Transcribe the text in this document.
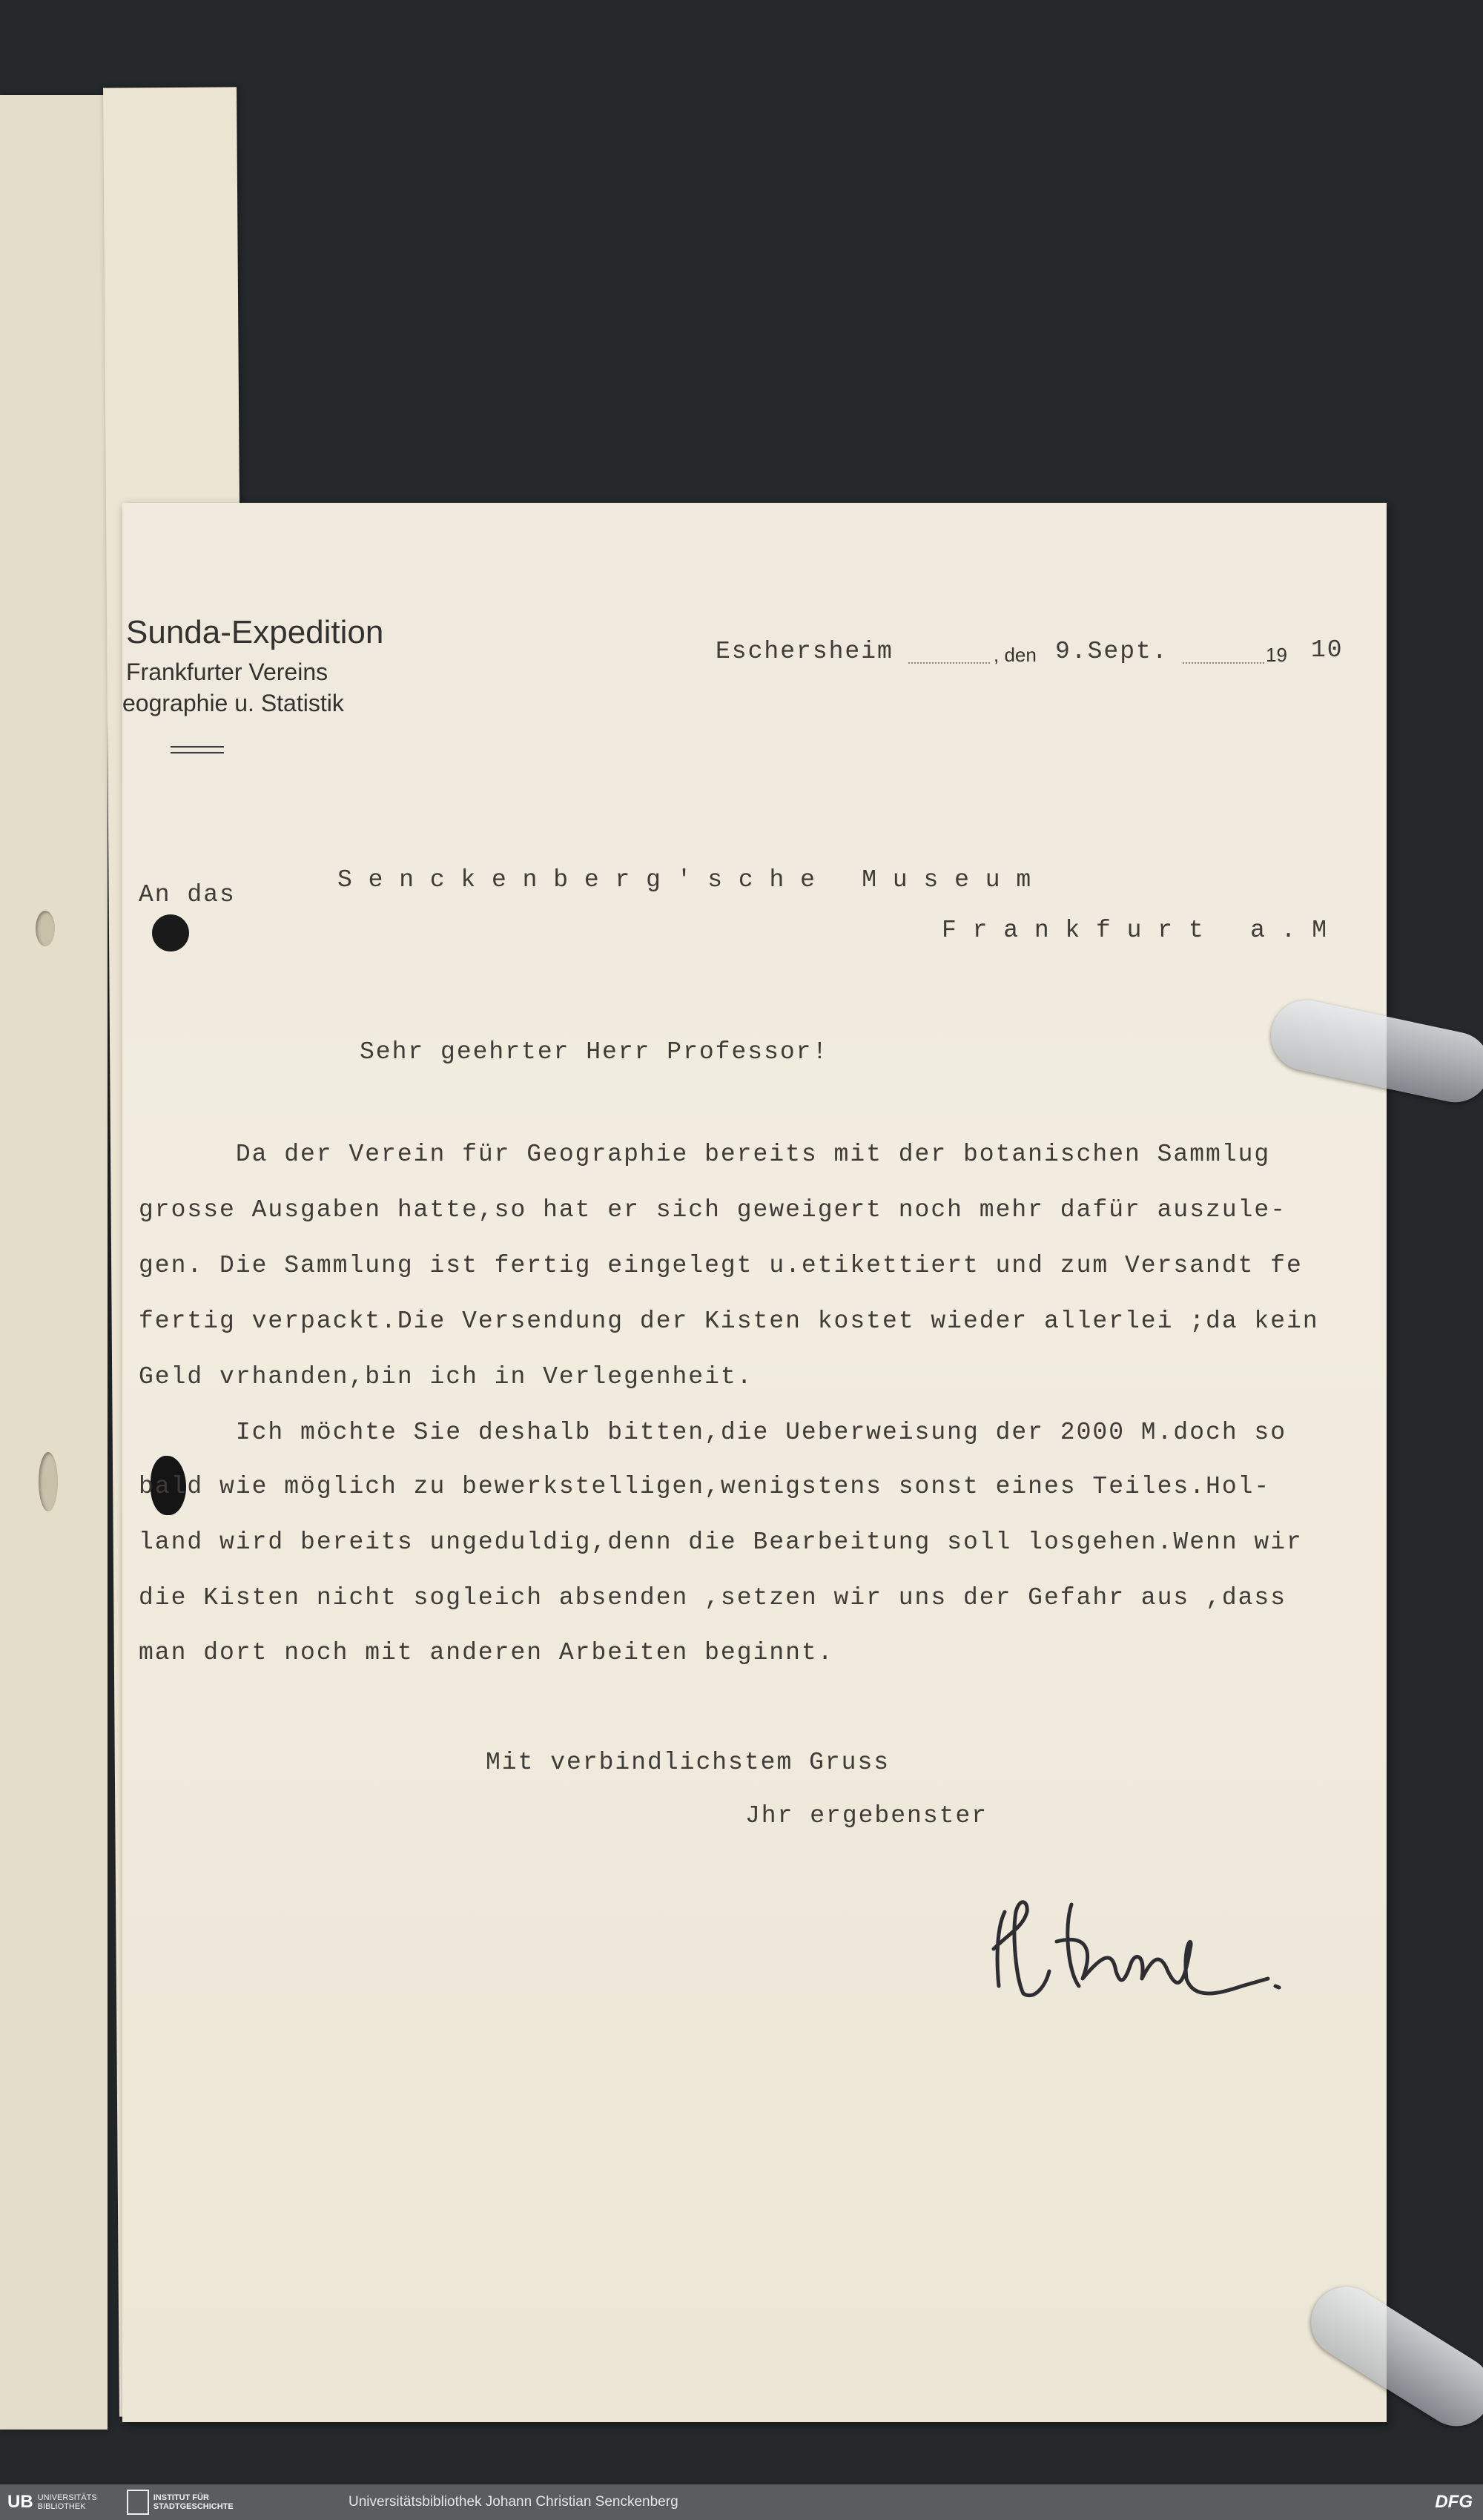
Sunda-Expedition
Frankfurter Vereins
eographie u. Statistik
Eschersheim	, den 9.Sept.	19 10
An das
S e n c k e n b e r g ' s c h e   M u s e u m
F r a n k f u r t   a . M
Sehr geehrter Herr Professor!
Da der Verein für Geographie bereits mit der botanischen Sammlug
grosse Ausgaben hatte,so hat er sich geweigert noch mehr dafür auszule-
gen. Die Sammlung ist fertig eingelegt u.etikettiert und zum Versandt fe
fertig verpackt.Die Versendung der Kisten kostet wieder allerlei ;da kein
Geld vrhanden,bin ich in Verlegenheit.
Ich möchte Sie deshalb bitten,die Ueberweisung der 2000 M.doch so
bald wie möglich zu bewerkstelligen,wenigstens sonst eines Teiles.Hol-
land wird bereits ungeduldig,denn die Bearbeitung soll losgehen.Wenn wir
die Kisten nicht sogleich absenden ,setzen wir uns der Gefahr aus ,dass
man dort noch mit anderen Arbeiten beginnt.
Mit verbindlichstem Gruss
Jhr ergebenster
UB UNIVERSITÄTS
BIBLIOTHEK
INSTITUT FÜR
STADTGESCHICHTE	Universitätsbibliothek Johann Christian Senckenberg	DFG
